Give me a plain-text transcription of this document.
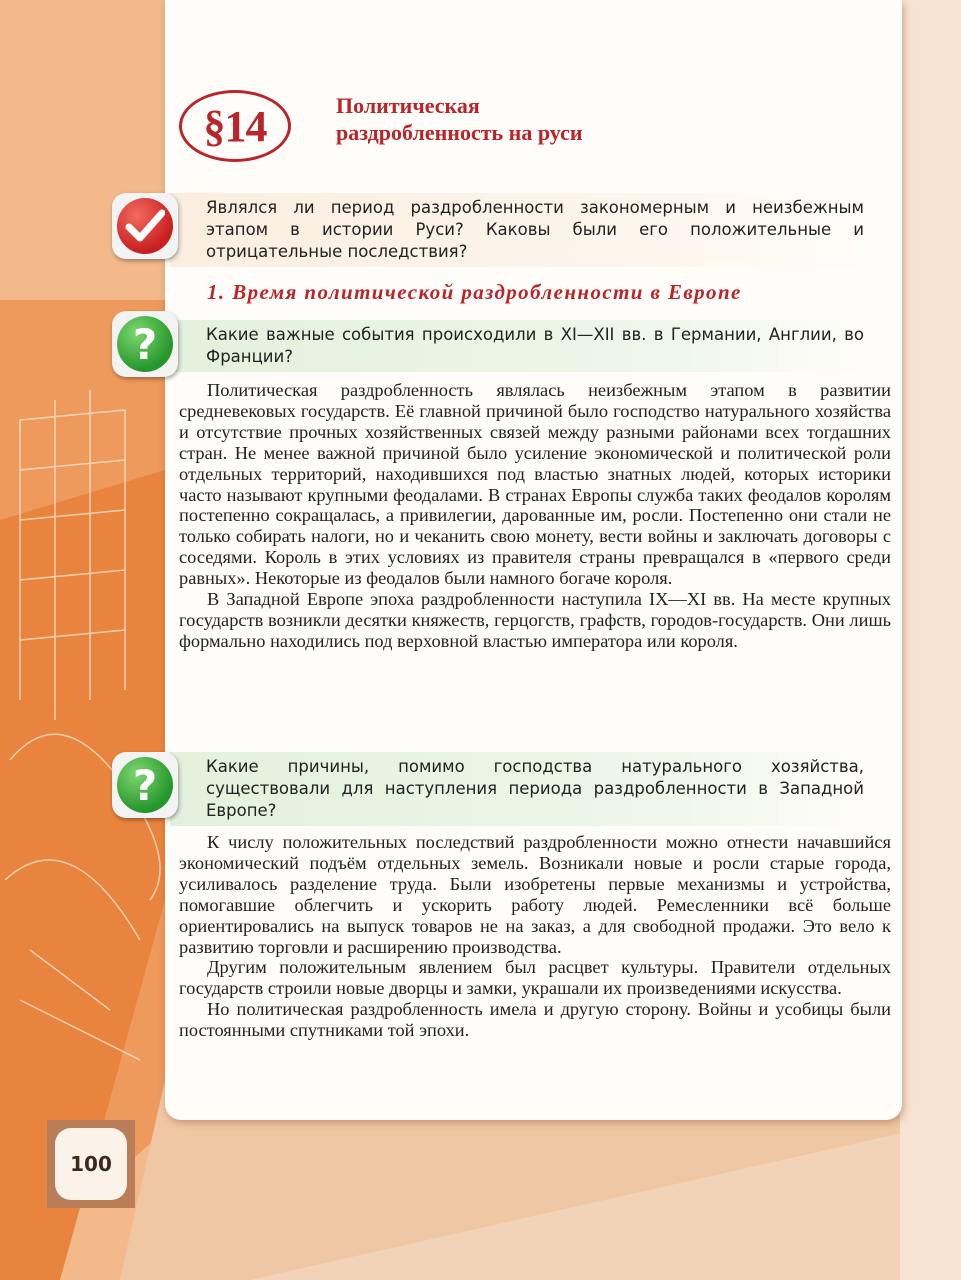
§14	Политическая
раздробленность на руси
Являлся ли период раздробленности закономерным и неизбежным этапом в истории Руси? Каковы были его положительные и отрицательные последствия?
1. Время политической раздробленности в Европе
Какие важные события происходили в XI—XII вв. в Германии, Англии, во Франции?
?

Политическая раздробленность являлась неизбежным этапом в развитии средневековых государств. Её главной причиной было господство натурального хозяйства и отсутствие прочных хозяйственных связей между разными районами всех тогдашних стран. Не менее важной причиной было усиление экономической и политической роли отдельных территорий, находившихся под властью знатных людей, которых историки часто называют крупными феодалами. В странах Европы служба таких феодалов королям постепенно сокращалась, а привилегии, дарованные им, росли. Постепенно они стали не только собирать налоги, но и чеканить свою монету, вести войны и заключать договоры с соседями. Король в этих условиях из правителя страны превращался в «первого среди равных». Некоторые из феодалов были намного богаче короля.

В Западной Европе эпоха раздробленности наступила IX—XI вв. На месте крупных государств возникли десятки княжеств, герцогств, графств, городов-государств. Они лишь формально находились под верховной властью императора или короля.

Какие причины, помимо господства натурального хозяйства, существовали для наступления периода раздробленности в Западной Европе?
?

К числу положительных последствий раздробленности можно отнести начавшийся экономический подъём отдельных земель. Возникали новые и росли старые города, усиливалось разделение труда. Были изобретены первые механизмы и устройства, помогавшие облегчить и ускорить работу людей. Ремесленники всё больше ориентировались на выпуск товаров не на заказ, а для свободной продажи. Это вело к развитию торговли и расширению производства.

Другим положительным явлением был расцвет культуры. Правители отдельных государств строили новые дворцы и замки, украшали их произведениями искусства.

Но политическая раздробленность имела и другую сторону. Войны и усобицы были постоянными спутниками той эпохи.

100
